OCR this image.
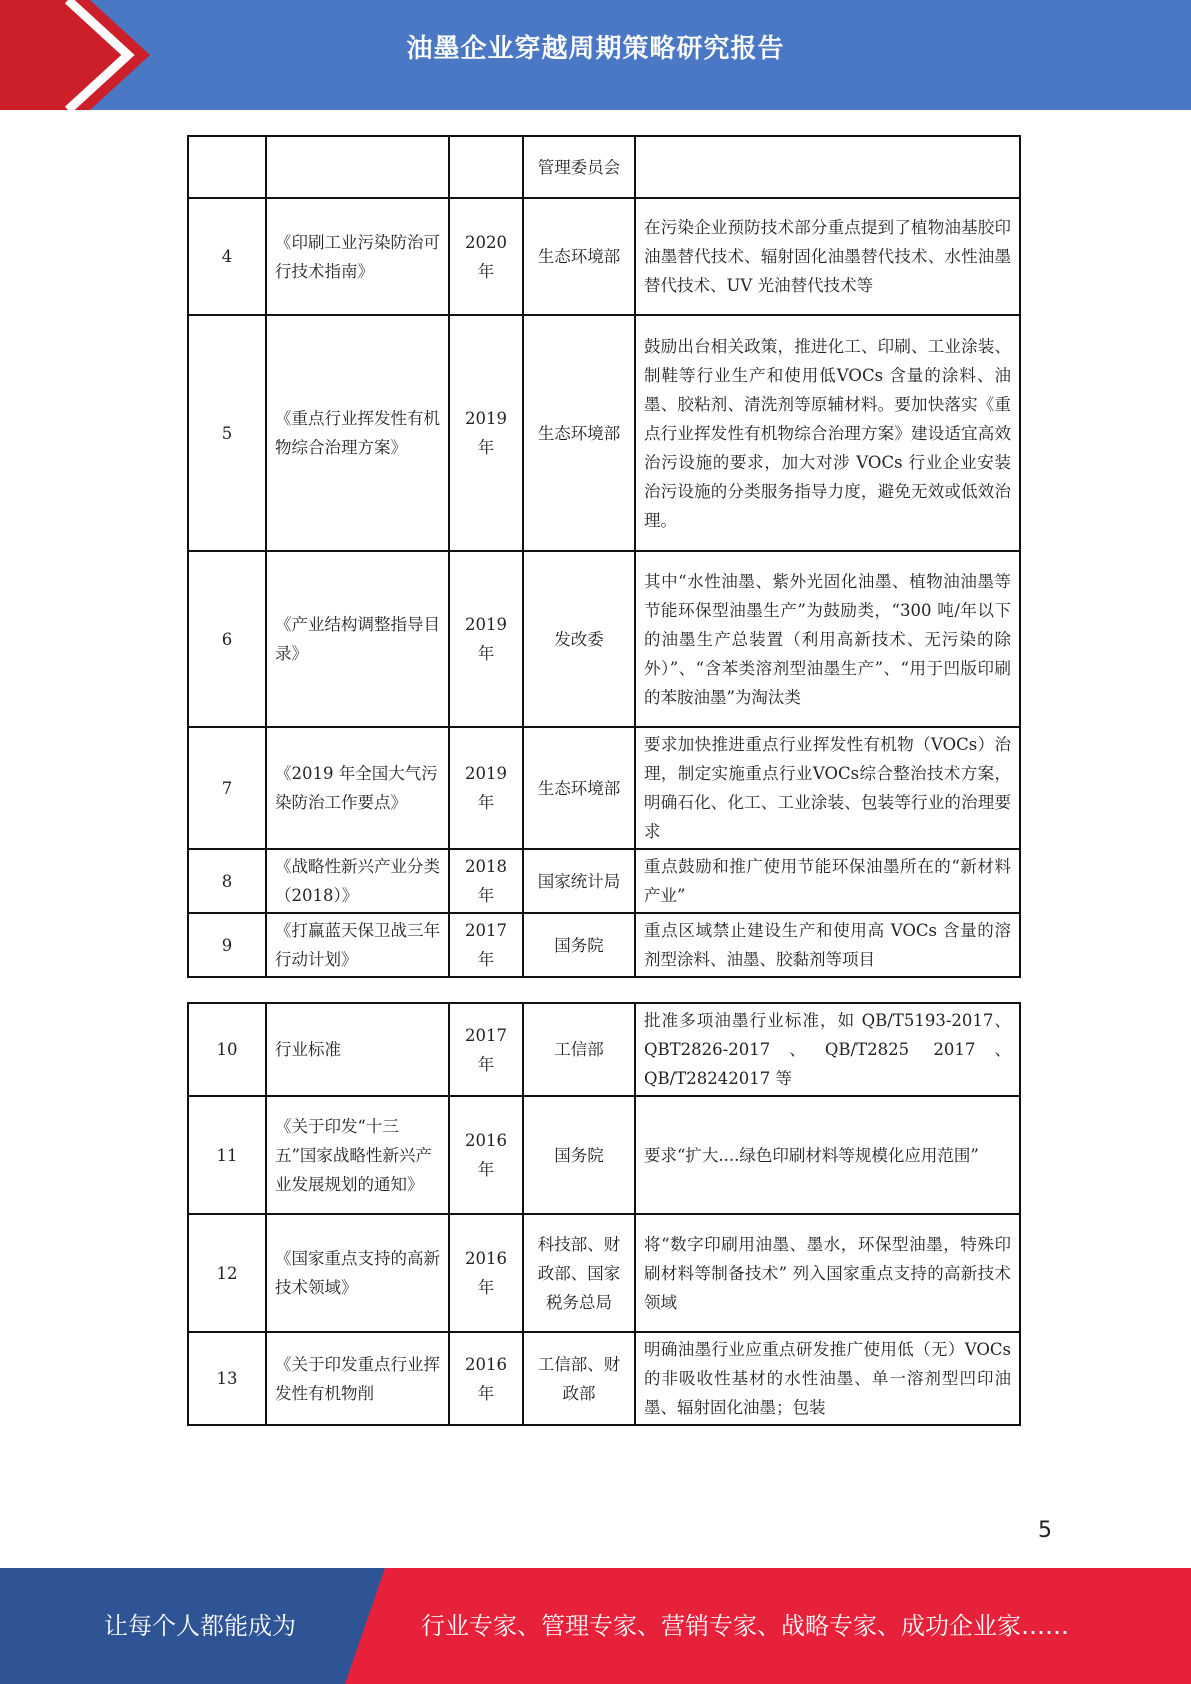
油墨企业穿越周期策略研究报告
			管理委员会	
4	《印刷工业污染防治可行技术指南》	2020年	生态环境部	在污染企业预防技术部分重点提到了植物油基胶印油墨替代技术、辐射固化油墨替代技术、水性油墨替代技术、UV 光油替代技术等
5	《重点行业挥发性有机物综合治理方案》	2019年	生态环境部	鼓励出台相关政策，推进化工、印刷、工业涂装、制鞋等行业生产和使用低VOCs 含量的涂料、油墨、胶粘剂、清洗剂等原辅材料。要加快落实《重点行业挥发性有机物综合治理方案》建设适宜高效治污设施的要求，加大对涉 VOCs 行业企业安装治污设施的分类服务指导力度，避免无效或低效治理。
6	《产业结构调整指导目录》	2019年	发改委	其中“水性油墨、紫外光固化油墨、植物油油墨等节能环保型油墨生产”为鼓励类，“300 吨/年以下的油墨生产总装置（利用高新技术、无污染的除外）”、“含苯类溶剂型油墨生产”、“用于凹版印刷的苯胺油墨”为淘汰类
7	《2019 年全国大气污染防治工作要点》	2019年	生态环境部	要求加快推进重点行业挥发性有机物（VOCs）治理，制定实施重点行业VOCs综合整治技术方案，明确石化、化工、工业涂装、包装等行业的治理要求
8	《战略性新兴产业分类（2018）》	2018年	国家统计局	重点鼓励和推广使用节能环保油墨所在的“新材料产业”
9	《打赢蓝天保卫战三年行动计划》	2017年	国务院	重点区域禁止建设生产和使用高 VOCs 含量的溶剂型涂料、油墨、胶黏剂等项目
10	行业标准	2017年	工信部	批准多项油墨行业标准，如 QB/T5193-2017、QBT2826-2017、QB/T2825 2017、QB/T28242017 等
11	《关于印发“十三五”国家战略性新兴产业发展规划的通知》	2016年	国务院	要求“扩大....绿色印刷材料等规模化应用范围”
12	《国家重点支持的高新技术领域》	2016年	科技部、财政部、国家税务总局	将“数字印刷用油墨、墨水，环保型油墨，特殊印刷材料等制备技术” 列入国家重点支持的高新技术领域
13	《关于印发重点行业挥发性有机物削	2016年	工信部、财政部	明确油墨行业应重点研发推广使用低（无）VOCs 的非吸收性基材的水性油墨、单一溶剂型凹印油墨、辐射固化油墨；包装
5
让每个人都能成为	行业专家、管理专家、营销专家、战略专家、成功企业家……
